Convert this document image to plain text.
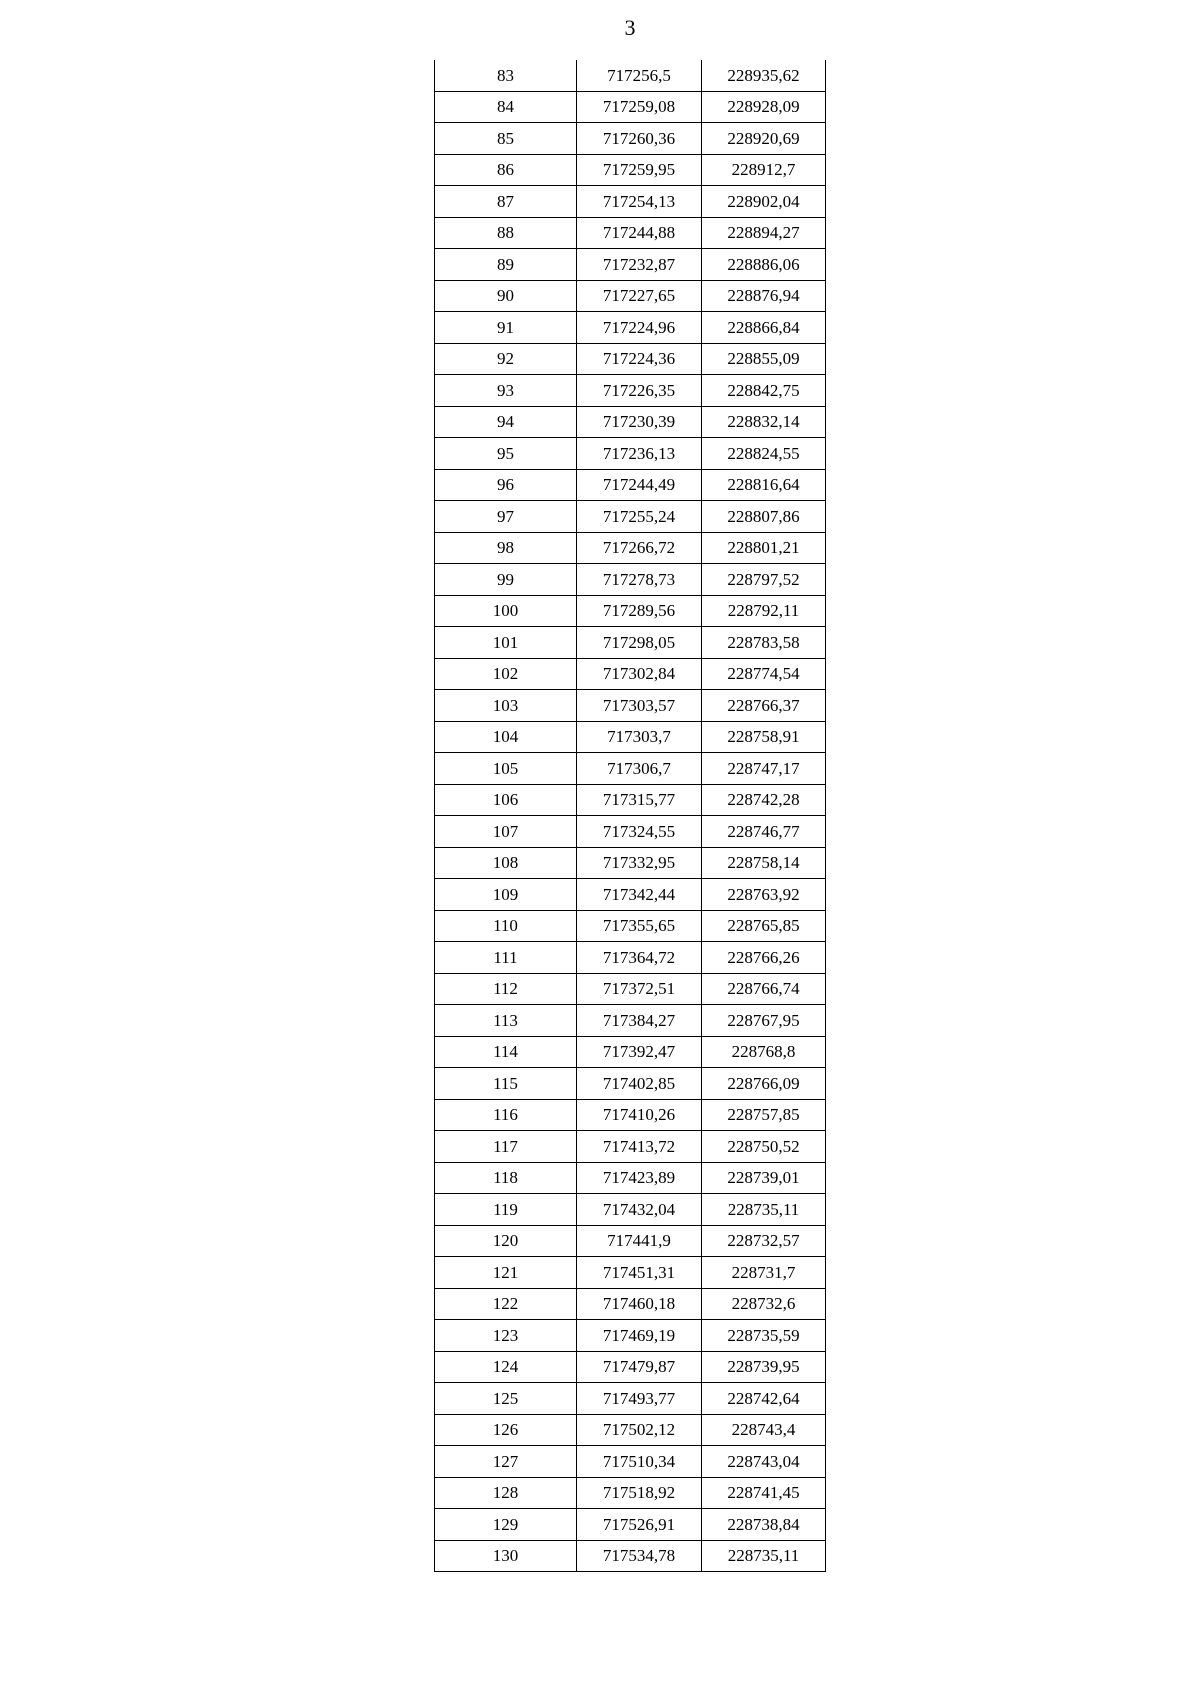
3
83	717256,5	228935,62
84	717259,08	228928,09
85	717260,36	228920,69
86	717259,95	228912,7
87	717254,13	228902,04
88	717244,88	228894,27
89	717232,87	228886,06
90	717227,65	228876,94
91	717224,96	228866,84
92	717224,36	228855,09
93	717226,35	228842,75
94	717230,39	228832,14
95	717236,13	228824,55
96	717244,49	228816,64
97	717255,24	228807,86
98	717266,72	228801,21
99	717278,73	228797,52
100	717289,56	228792,11
101	717298,05	228783,58
102	717302,84	228774,54
103	717303,57	228766,37
104	717303,7	228758,91
105	717306,7	228747,17
106	717315,77	228742,28
107	717324,55	228746,77
108	717332,95	228758,14
109	717342,44	228763,92
110	717355,65	228765,85
111	717364,72	228766,26
112	717372,51	228766,74
113	717384,27	228767,95
114	717392,47	228768,8
115	717402,85	228766,09
116	717410,26	228757,85
117	717413,72	228750,52
118	717423,89	228739,01
119	717432,04	228735,11
120	717441,9	228732,57
121	717451,31	228731,7
122	717460,18	228732,6
123	717469,19	228735,59
124	717479,87	228739,95
125	717493,77	228742,64
126	717502,12	228743,4
127	717510,34	228743,04
128	717518,92	228741,45
129	717526,91	228738,84
130	717534,78	228735,11
